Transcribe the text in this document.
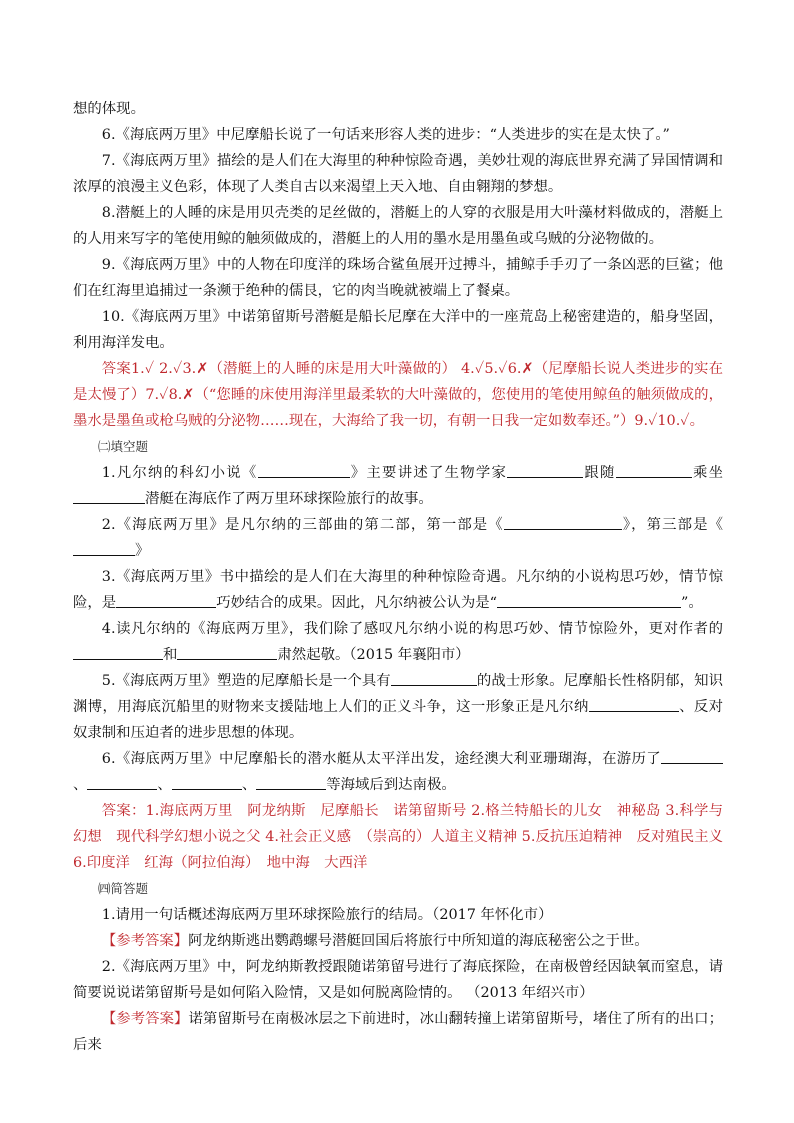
想的体现。

6.《海底两万里》中尼摩船长说了一句话来形容人类的进步：“人类进步的实在是太快了。”

7.《海底两万里》描绘的是人们在大海里的种种惊险奇遇，美妙壮观的海底世界充满了异国情调和浓厚的浪漫主义色彩，体现了人类自古以来渴望上天入地、自由翱翔的梦想。

8.潜艇上的人睡的床是用贝壳类的足丝做的，潜艇上的人穿的衣服是用大叶藻材料做成的，潜艇上的人用来写字的笔使用鲸的触须做成的，潜艇上的人用的墨水是用墨鱼或乌贼的分泌物做的。

9.《海底两万里》中的人物在印度洋的珠场合鲨鱼展开过搏斗，捕鲸手手刃了一条凶恶的巨鲨；他们在红海里追捕过一条濒于绝种的儒艮，它的肉当晚就被端上了餐桌。

10.《海底两万里》中诺第留斯号潜艇是船长尼摩在大洋中的一座荒岛上秘密建造的，船身坚固，利用海洋发电。

答案1.✓ 2.✓3.✗（潜艇上的人睡的床是用大叶藻做的） 4.✓5.✓6.✗（尼摩船长说人类进步的实在是太慢了）7.✓8.✗（“您睡的床使用海洋里最柔软的大叶藻做的，您使用的笔使用鲸鱼的触须做成的，墨水是墨鱼或枪乌贼的分泌物……现在，大海给了我一切，有朝一日我一定如数奉还。”）9.✓10.✓。

㈡填空题

1.凡尔纳的科幻小说《	》主要讲述了生物学家	跟随	乘坐潜艇在海底作了两万里环球探险旅行的故事。

2.《海底两万里》是凡尔纳的三部曲的第二部，第一部是《	》，第三部是《》

3.《海底两万里》书中描绘的是人们在大海里的种种惊险奇遇。凡尔纳的小说构思巧妙，情节惊险，是	巧妙结合的成果。因此，凡尔纳被公认为是“	”。

4.读凡尔纳的《海底两万里》，我们除了感叹凡尔纳小说的构思巧妙、情节惊险外，更对作者的和	肃然起敬。（2015 年襄阳市）

5.《海底两万里》塑造的尼摩船长是一个具有	的战士形象。尼摩船长性格阴郁，知识渊博，用海底沉船里的财物来支援陆地上人们的正义斗争，这一形象正是凡尔纳	、反对奴隶制和压迫者的进步思想的体现。

6.《海底两万里》中尼摩船长的潜水艇从太平洋出发，途经澳大利亚珊瑚海，在游历了、	、	、	等海域后到达南极。

答案：1.海底两万里　阿龙纳斯　尼摩船长　诺第留斯号 2.格兰特船长的儿女　神秘岛 3.科学与幻想　现代科学幻想小说之父 4.社会正义感　（崇高的）人道主义精神 5.反抗压迫精神　反对殖民主义 6.印度洋　红海（阿拉伯海）　地中海　大西洋

㈣简答题

1.请用一句话概述海底两万里环球探险旅行的结局。（2017 年怀化市）

【参考答案】阿龙纳斯逃出鹦鹉螺号潜艇回国后将旅行中所知道的海底秘密公之于世。

2.《海底两万里》中，阿龙纳斯教授跟随诺第留号进行了海底探险，在南极曾经因缺氧而窒息，请简要说说诺第留斯号是如何陷入险情，又是如何脱离险情的。 （2013 年绍兴市）

【参考答案】诺第留斯号在南极冰层之下前进时，冰山翻转撞上诺第留斯号，堵住了所有的出口；后来
